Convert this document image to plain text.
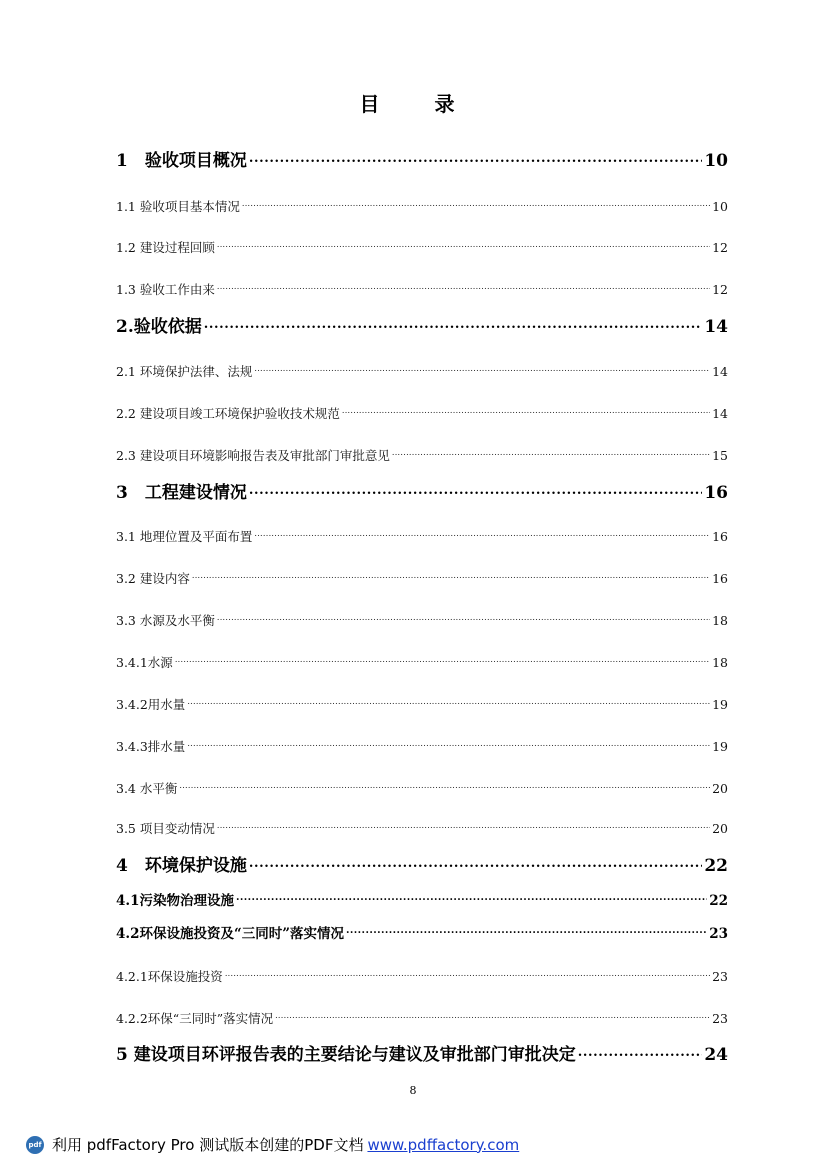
目 录
1　验收项目概况 .....	10
1.1 验收项目基本情况 .....	10
1.2 建设过程回顾 .....	12
1.3 验收工作由来 .....	12
2.验收依据 .....	14
2.1 环境保护法律、法规 .....	14
2.2 建设项目竣工环境保护验收技术规范 .....	14
2.3 建设项目环境影响报告表及审批部门审批意见 .....	15
3　工程建设情况 .....	16
3.1 地理位置及平面布置 .....	16
3.2 建设内容 .....	16
3.3 水源及水平衡 .....	18
3.4.1水源 .....	18
3.4.2用水量 .....	19
3.4.3排水量 .....	19
3.4 水平衡 .....	20
3.5 项目变动情况 .....	20
4　环境保护设施 .....	22
4.1污染物治理设施 .....	22
4.2环保设施投资及“三同时”落实情况 .....	23
4.2.1环保设施投资 .....	23
4.2.2环保“三同时”落实情况 .....	23
5 建设项目环评报告表的主要结论与建议及审批部门审批决定 .....	24
8
pdf 利用 pdfFactory Pro 测试版本创建的PDF文档 www.pdffactory.com
